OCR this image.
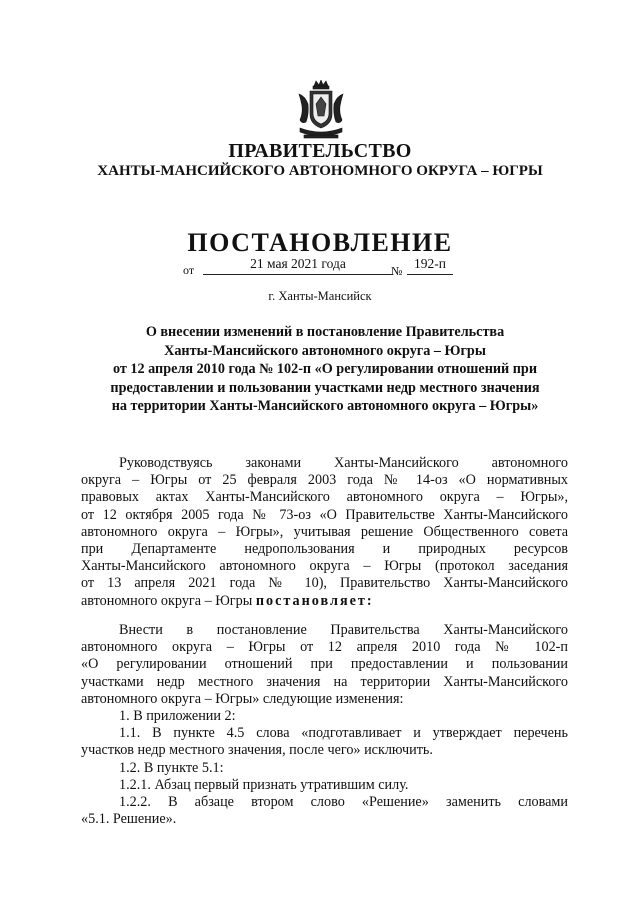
ПРАВИТЕЛЬСТВО
ХАНТЫ-МАНСИЙСКОГО АВТОНОМНОГО ОКРУГА – ЮГРЫ
ПОСТАНОВЛЕНИЕ
от	21 мая 2021 года	№ 192-п
г. Ханты-Мансийск
О внесении изменений в постановление Правительства
Ханты-Мансийского автономного округа – Югры
от 12 апреля 2010 года № 102-п «О регулировании отношений при
предоставлении и пользовании участками недр местного значения
на территории Ханты-Мансийского автономного округа – Югры»
Руководствуясь законами Ханты-Мансийского автономного
округа – Югры от 25 февраля 2003 года № 14-оз «О нормативных
правовых актах Ханты-Мансийского автономного округа – Югры»,
от 12 октября 2005 года № 73-оз «О Правительстве Ханты-Мансийского
автономного округа – Югры», учитывая решение Общественного совета
при Департаменте недропользования и природных ресурсов
Ханты-Мансийского автономного округа – Югры (протокол заседания
от 13 апреля 2021 года № 10), Правительство Ханты-Мансийского
автономного округа – Югры постановляет:
Внести в постановление Правительства Ханты-Мансийского
автономного округа – Югры от 12 апреля 2010 года № 102-п
«О регулировании отношений при предоставлении и пользовании
участками недр местного значения на территории Ханты-Мансийского
автономного округа – Югры» следующие изменения:
1. В приложении 2:
1.1. В пункте 4.5 слова «подготавливает и утверждает перечень
участков недр местного значения, после чего» исключить.
1.2. В пункте 5.1:
1.2.1. Абзац первый признать утратившим силу.
1.2.2. В абзаце втором слово «Решение» заменить словами
«5.1. Решение».
